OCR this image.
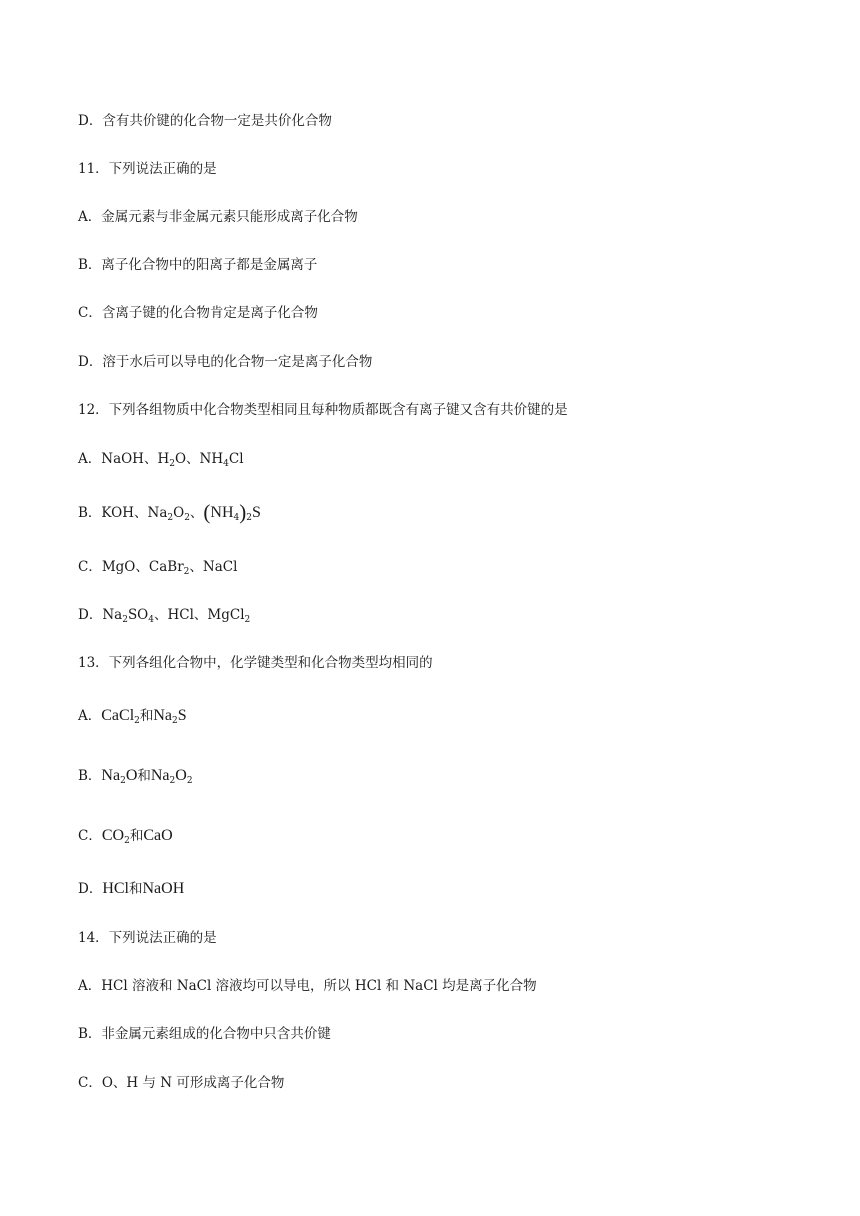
D．含有共价键的化合物一定是共价化合物
11．下列说法正确的是
A．金属元素与非金属元素只能形成离子化合物
B．离子化合物中的阳离子都是金属离子
C．含离子键的化合物肯定是离子化合物
D．溶于水后可以导电的化合物一定是离子化合物
12．下列各组物质中化合物类型相同且每种物质都既含有离子键又含有共价键的是
A．NaOH、$H_2O$、$NH_4Cl$
B．KOH、$Na_2O_2$、$(NH_4)_2S$
C．MgO、CaBr$_2$、NaCl
D．$Na_2SO_4$、HCl、MgCl$_2$
13．下列各组化合物中，化学键类型和化合物类型均相同的
A．CaCl$_2$和$Na_2S$
B．$Na_2O$和$Na_2O_2$
C．$CO_2$和CaO
D．HCl和NaOH
14．下列说法正确的是
A．HCl 溶液和 NaCl 溶液均可以导电，所以 HCl 和 NaCl 均是离子化合物
B．非金属元素组成的化合物中只含共价键
C．O、H 与 N 可形成离子化合物
